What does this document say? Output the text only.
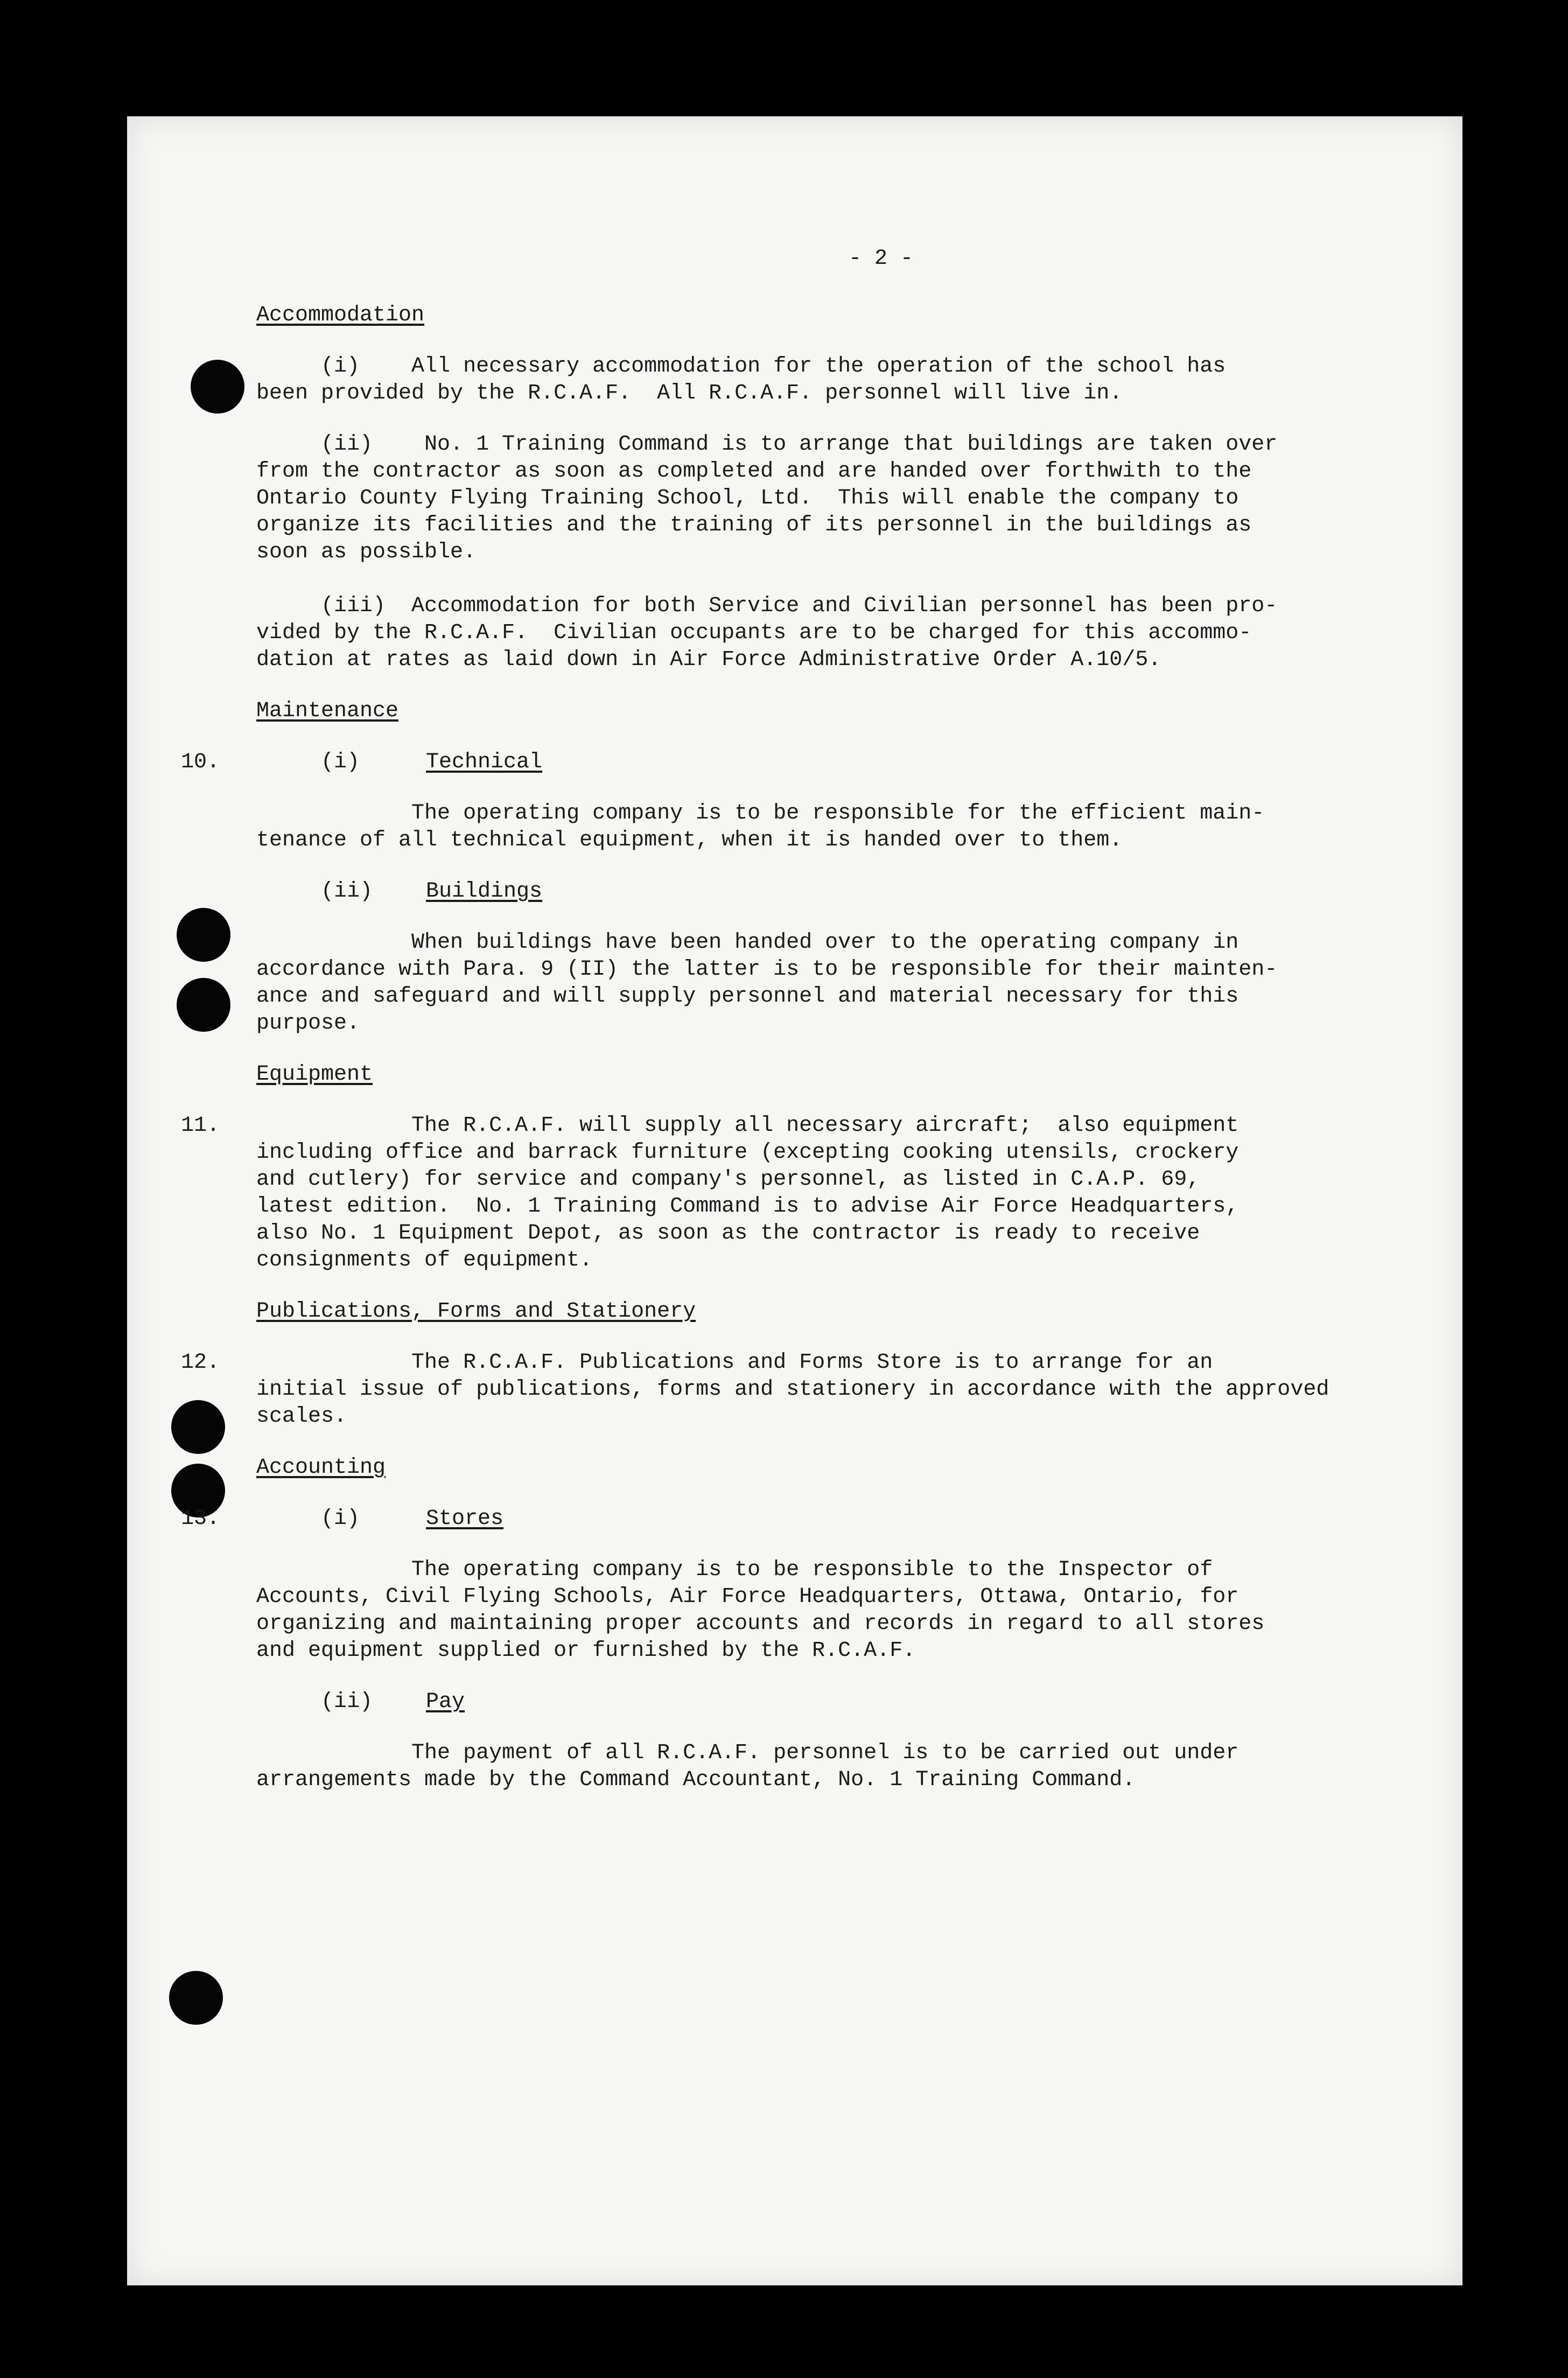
- 2 -

Accommodation

(i)    All necessary accommodation for the operation of the school has

been provided by the R.C.A.F.  All R.C.A.F. personnel will live in.

(ii)    No. 1 Training Command is to arrange that buildings are taken over

from the contractor as soon as completed and are handed over forthwith to the

Ontario County Flying Training School, Ltd.  This will enable the company to

organize its facilities and the training of its personnel in the buildings as

soon as possible.

(iii)  Accommodation for both Service and Civilian personnel has been pro-

vided by the R.C.A.F.  Civilian occupants are to be charged for this accommo-

dation at rates as laid down in Air Force Administrative Order A.10/5.

Maintenance

10.

	(i)

	Technical

The operating company is to be responsible for the efficient main-

tenance of all technical equipment, when it is handed over to them.

(ii)

Buildings

When buildings have been handed over to the operating company in

accordance with Para. 9 (II) the latter is to be responsible for their mainten-

ance and safeguard and will supply personnel and material necessary for this

purpose.

Equipment

11.

The R.C.A.F. will supply all necessary aircraft;  also equipment

including office and barrack furniture (excepting cooking utensils, crockery

and cutlery) for service and company's personnel, as listed in C.A.P. 69,

latest edition.  No. 1 Training Command is to advise Air Force Headquarters,

also No. 1 Equipment Depot, as soon as the contractor is ready to receive

consignments of equipment.

Publications, Forms and Stationery

12.

The R.C.A.F. Publications and Forms Store is to arrange for an

initial issue of publications, forms and stationery in accordance with the approved

scales.

Accounting

13.

	(i)

	Stores

The operating company is to be responsible to the Inspector of

Accounts, Civil Flying Schools, Air Force Headquarters, Ottawa, Ontario, for

organizing and maintaining proper accounts and records in regard to all stores

and equipment supplied or furnished by the R.C.A.F.

(ii)

Pay

The payment of all R.C.A.F. personnel is to be carried out under

arrangements made by the Command Accountant, No. 1 Training Command.
